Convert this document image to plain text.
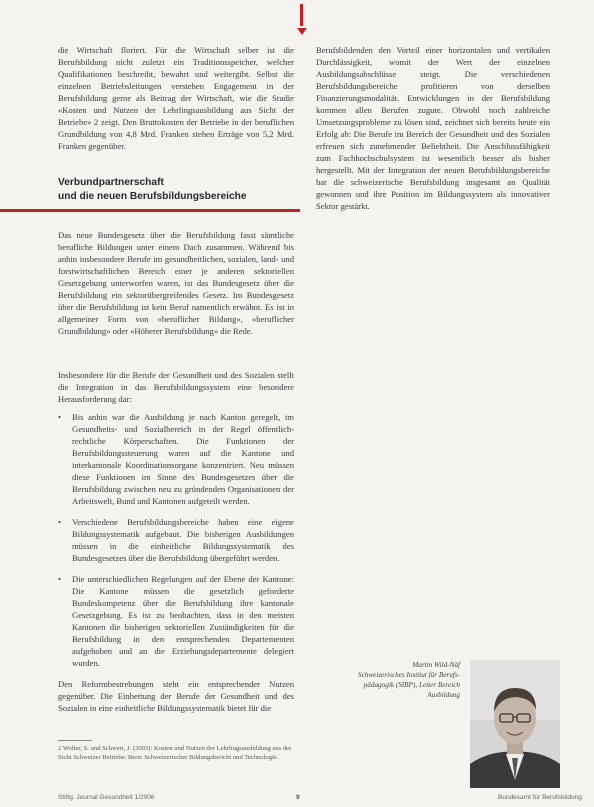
die Wirtschaft floriert. Für die Wirtschaft selber ist die Berufsbildung nicht zuletzt ein Traditionsspeicher, welcher Qualifikationen beschreibt, bewahrt und weitergibt. Selbst die einzelnen Betriebsleitungen verstehen Engagement in der Berufsbildung gerne als Beitrag der Wirtschaft, wie die Studie «Kosten und Nutzen der Lehrlingsausbildung aus Sicht der Betriebe» 2 zeigt. Den Bruttokosten der Betriebe in der beruflichen Grundbildung von 4,8 Mrd. Franken stehen Erträge von 5,2 Mrd. Franken gegenüber.

Verbundpartnerschaft
und die neuen Berufsbildungsbereiche

Das neue Bundesgesetz über die Berufsbildung fasst sämtliche berufliche Bildungen unter einem Dach zusammen. Während bis anhin insbesondere Berufe im gesundheitlichen, sozialen, land- und forstwirtschaftlichen Bereich einer je anderen sektoriellen Gesetzgebung unterworfen waren, ist das Bundesgesetz über die Berufsbildung ein sektorübergreifendes Gesetz. Im Bundesgesetz über die Berufsbildung ist kein Beruf namentlich erwähnt. Es ist in allgemeiner Form von «beruflicher Bildung», «beruflicher Grundbildung» oder «Höherer Berufsbildung» die Rede.

Insbesondere für die Berufe der Gesundheit und des Sozialen stellt die Integration in das Berufsbildungssystem eine besondere Herausforderung dar:

• Bis anhin war die Ausbildung je nach Kanton geregelt, im Gesundheits- und Sozialbereich in der Regel öffentlich-rechtliche Körperschaften. Die Funktionen der Berufsbildungssteuerung waren auf die Kantone und interkantonale Koordinationsorgane konzentriert. Neu müssen diese Funktionen im Sinne des Bundesgesetzes über die Berufsbildung zwischen neu zu gründenden Organisationen der Arbeitswelt, Bund und Kantonen aufgeteilt werden.
• Verschiedene Berufsbildungsbereiche haben eine eigene Bildungssystematik aufgebaut. Die bisherigen Ausbildungen müssen in die einheitliche Bildungssystematik des Bundesgesetzes über die Berufsbildung übergeführt werden.
• Die unterschiedlichen Regelungen auf der Ebene der Kantone: Die Kantone müssen die gesetzlich geforderte Bundeskompetenz über die Berufsbildung ihre kantonale Gesetzgebung. Es ist zu beobachten, dass in den meisten Kantonen die bisherigen sektoriellen Zuständigkeiten für die Berufsbildung in den entsprechenden Departementen aufgehoben und an die Erziehungsdepartemente delegiert wurden.

Den Reformbestrebungen steht ein entsprechender Nutzen gegenüber. Die Einbettung der Berufe der Gesundheit und des Sozialen in eine einheitliche Bildungssystematik bietet für die

2 Wolter, S. und Schweri, J. (2003): Kosten und Nutzen der Lehrlingsausbildung aus der Sicht Schweizer Betriebe. Bern: Schweizerischer Bildungsbericht und Technologie.

Berufsbildenden den Vorteil einer horizontalen und vertikalen Durchlässigkeit, womit der Wert der einzelnen Ausbildungsabschlüsse steigt. Die verschiedenen Berufsbildungsbereiche profitieren von derselben Finanzierungsmodalität. Entwicklungen in der Berufsbildung kommen allen Berufen zugute. Obwohl noch zahlreiche Umsetzungsprobleme zu lösen sind, zeichnet sich bereits heute ein Erfolg ab: Die Berufe im Bereich der Gesundheit und des Sozialen erfreuen sich zunehmender Beliebtheit. Die Anschlussfähigkeit zum Fachhochschulsystem ist wesentlich besser als bisher hergestellt. Mit der Integration der neuen Berufsbildungsbereiche hat die schweizerische Berufsbildung insgesamt an Qualität gewonnen und ihre Position im Bildungssystem als innovativer Sektor gestärkt.

Martin Wild-Näf
Schweizerisches Institut für Berufs-
pädagogik (SIBP), Leiter Bereich
Ausbildung
Stiftg. Journal Gesundheit 1/2006	9	Bundesamt für Berufsbildung
